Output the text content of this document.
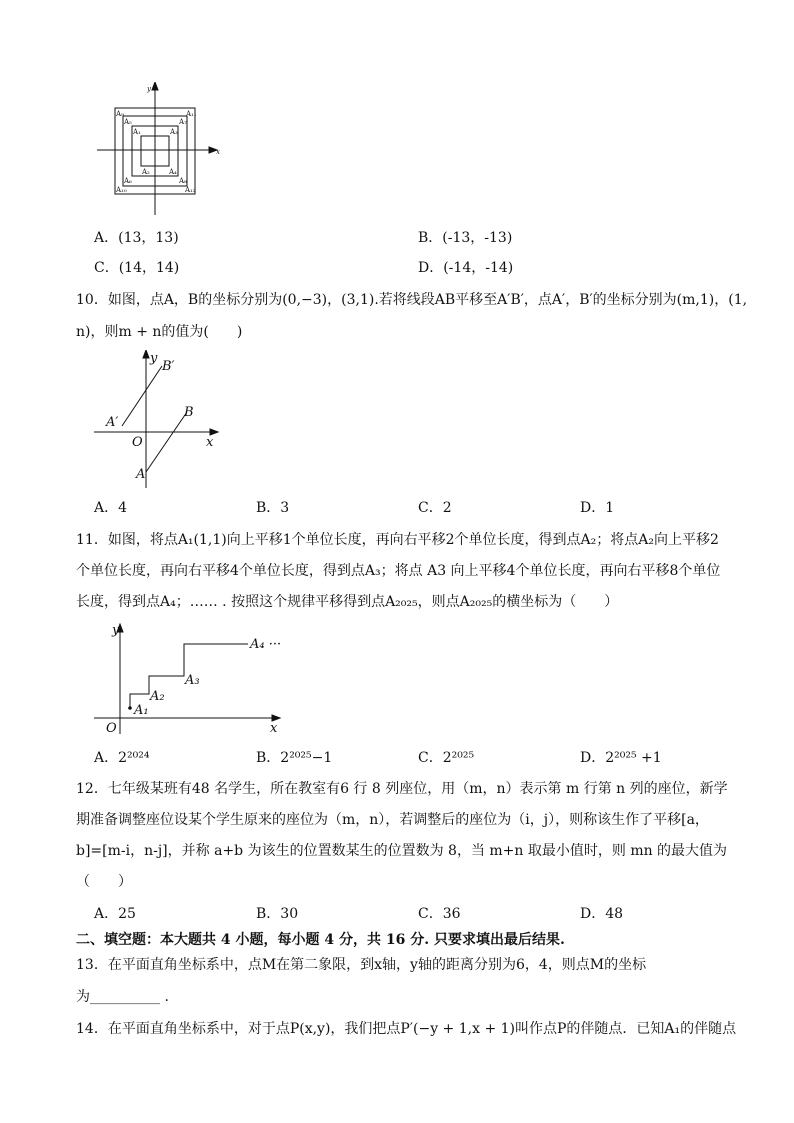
y
x
A₉	A₁₁
A₅	A₇
A₁	A₃
A₂	A₄
A₆	A₈
A₁₀	A₁₂
A．(13，13)	B．(-13，-13)
C．(14，14)	D．(-14，-14)
10．如图，点A，B的坐标分别为(0,−3)，(3,1).若将线段AB平移至A′B′，点A′，B′的坐标分别为(m,1)，(1,
n)，则m + n的值为(　　)
B′
A′
B
O	x
A
y
A．4	B．3	C．2	D．1
11．如图，将点A₁(1,1)向上平移1个单位长度，再向右平移2个单位长度，得到点A₂；将点A₂向上平移2
个单位长度，再向右平移4个单位长度，得到点A₃；将点 A3 向上平移4个单位长度，再向右平移8个单位
长度，得到点A₄；…… . 按照这个规律平移得到点A₂₀₂₅，则点A₂₀₂₅的横坐标为（　　）
y
O	x
A₁
A₂
A₃
A₄ ···
A．2²⁰²⁴	B．2²⁰²⁵−1	C．2²⁰²⁵	D．2²⁰²⁵ +1
12．七年级某班有48 名学生，所在教室有6 行 8 列座位，用（m，n）表示第 m 行第 n 列的座位，新学
期准备调整座位设某个学生原来的座位为（m，n），若调整后的座位为（i，j），则称该生作了平移[a，
b]=[m-i，n-j]，并称 a+b 为该生的位置数某生的位置数为 8，当 m+n 取最小值时，则 mn 的最大值为
（　　）
A．25	B．30	C．36	D．48
二、填空题：本大题共 4 小题，每小题 4 分，共 16 分. 只要求填出最后结果.
13．在平面直角坐标系中，点M在第二象限，到x轴，y轴的距离分别为6，4，则点M的坐标
为__________ .
14．在平面直角坐标系中，对于点P(x,y)，我们把点P′(−y + 1,x + 1)叫作点P的伴随点．已知A₁的伴随点
